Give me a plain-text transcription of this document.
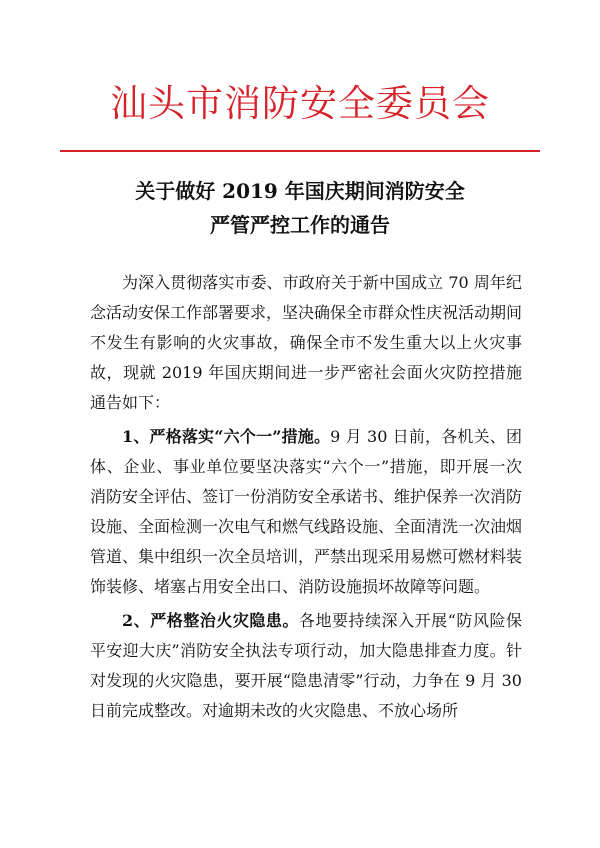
汕头市消防安全委员会
关于做好 2019 年国庆期间消防安全
严管严控工作的通告

为深入贯彻落实市委、市政府关于新中国成立 70 周年纪念活动安保工作部署要求，坚决确保全市群众性庆祝活动期间不发生有影响的火灾事故，确保全市不发生重大以上火灾事故，现就 2019 年国庆期间进一步严密社会面火灾防控措施通告如下：

1、严格落实“六个一”措施。9 月 30 日前，各机关、团体、企业、事业单位要坚决落实“六个一”措施，即开展一次消防安全评估、签订一份消防安全承诺书、维护保养一次消防设施、全面检测一次电气和燃气线路设施、全面清洗一次油烟管道、集中组织一次全员培训，严禁出现采用易燃可燃材料装饰装修、堵塞占用安全出口、消防设施损坏故障等问题。

2、严格整治火灾隐患。各地要持续深入开展“防风险保平安迎大庆”消防安全执法专项行动，加大隐患排查力度。针对发现的火灾隐患，要开展“隐患清零”行动，力争在 9 月 30 日前完成整改。对逾期未改的火灾隐患、不放心场所
